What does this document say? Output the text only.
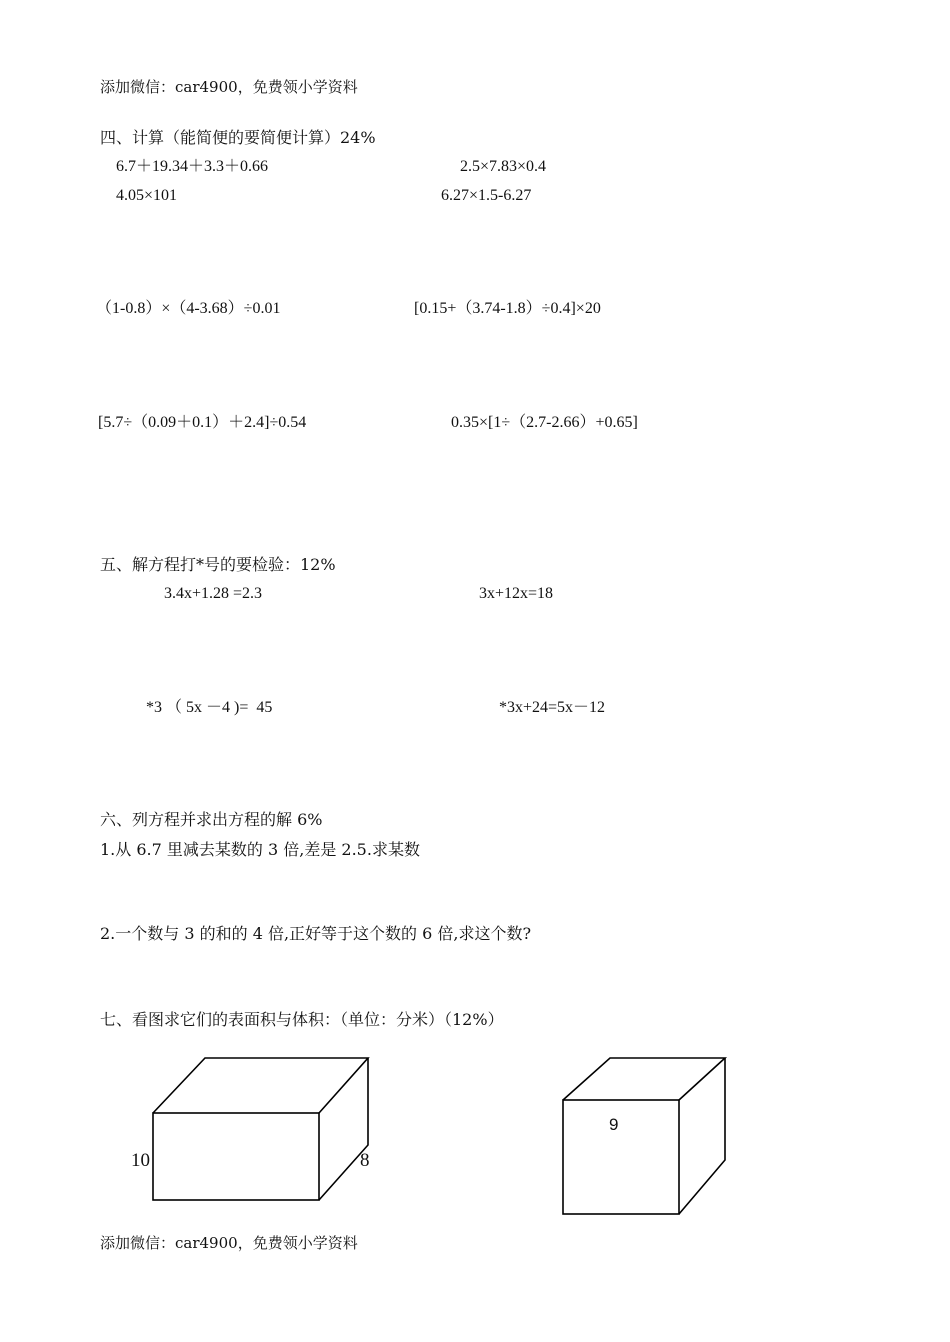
添加微信：car4900，免费领小学资料
四、计算（能简便的要简便计算）24%
6.7＋19.34＋3.3＋0.66	2.5×7.83×0.4
4.05×101	6.27×1.5-6.27
（1-0.8）×（4-3.68）÷0.01	[0.15+（3.74-1.8）÷0.4]×20
[5.7÷（0.09＋0.1）＋2.4]÷0.54	0.35×[1÷（2.7-2.66）+0.65]
五、解方程打*号的要检验：12%
3.4x+1.28 =2.3	3x+12x=18
*3 （ 5x －4 )=  45	*3x+24=5x－12
六、列方程并求出方程的解 6%
1.从 6.7 里减去某数的 3 倍,差是 2.5.求某数
2.一个数与 3 的和的 4 倍,正好等于这个数的 6 倍,求这个数?
七、看图求它们的表面积与体积：（单位：分米）（12%）
10	8
9
添加微信：car4900，免费领小学资料
